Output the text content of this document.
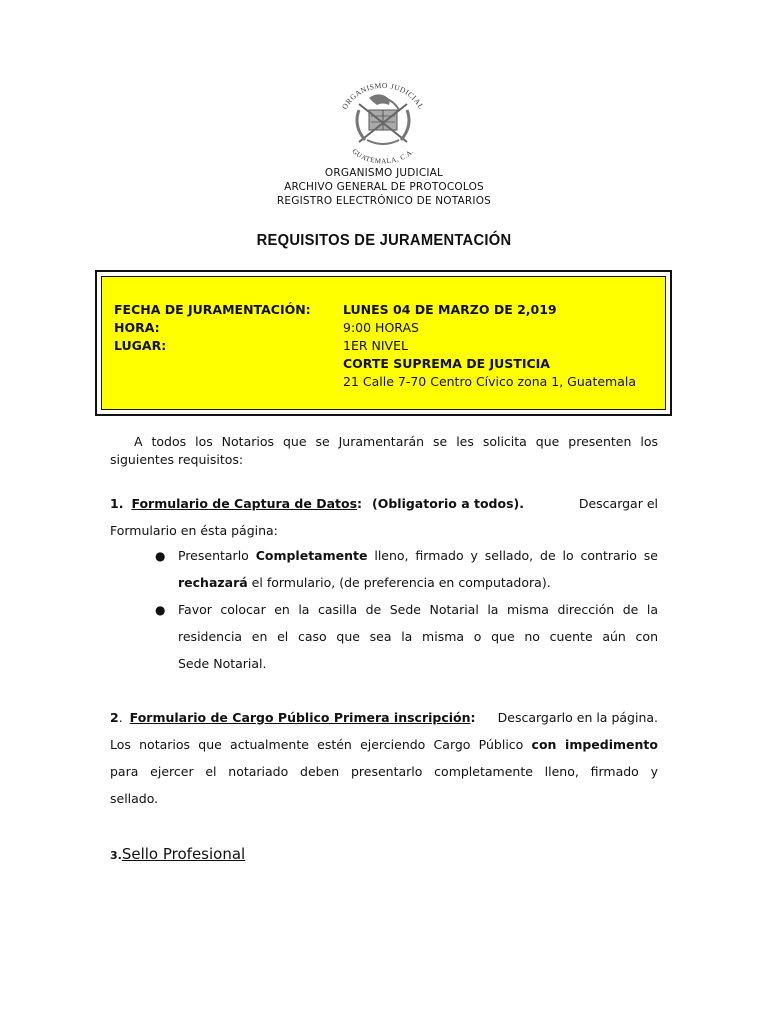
ORGANISMO JUDICIAL
GUATEMALA, C.A.
ORGANISMO JUDICIAL
ARCHIVO GENERAL DE PROTOCOLOS
REGISTRO ELECTRÓNICO DE NOTARIOS
REQUISITOS DE JURAMENTACIÓN
FECHA DE JURAMENTACIÓN:	LUNES 04 DE MARZO DE 2,019
HORA:	9:00 HORAS
LUGAR:	1ER NIVEL
CORTE SUPREMA DE JUSTICIA
21 Calle 7-70 Centro Cívico zona 1, Guatemala
A todos los Notarios que se Juramentarán se les solicita que presenten los
siguientes requisitos:
1. Formulario de Captura de Datos: (Obligatorio a todos).	Descargar el
Formulario en ésta página:
● Presentarlo Completamente lleno, firmado y sellado, de lo contrario se
rechazará el formulario, (de preferencia en computadora).
● Favor colocar en la casilla de Sede Notarial la misma dirección de la
residencia en el caso que sea la misma o que no cuente aún con
Sede Notarial.
2. Formulario de Cargo Público Primera inscripción: Descargarlo en la página.
Los notarios que actualmente estén ejerciendo Cargo Público con impedimento
para ejercer el notariado deben presentarlo completamente lleno, firmado y
sellado.
3.Sello Profesional
